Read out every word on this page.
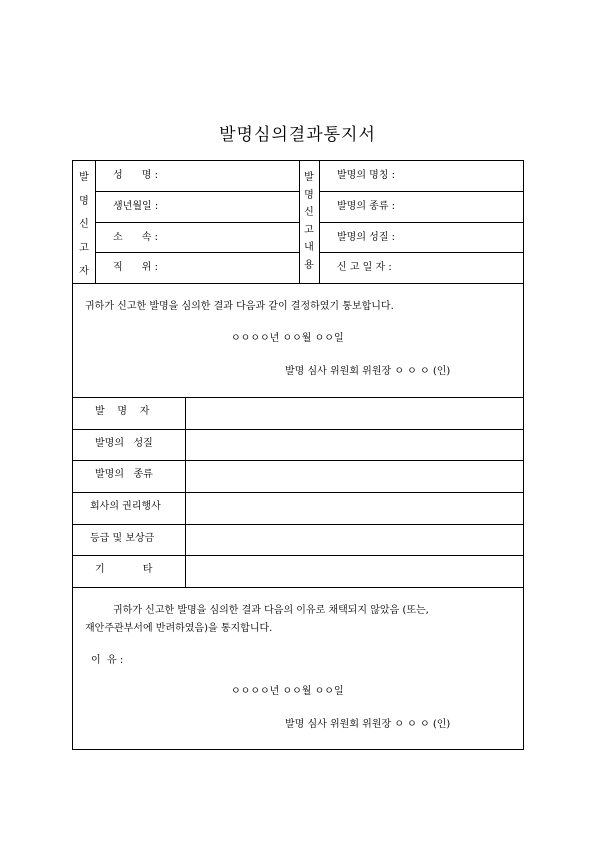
발명심의결과통지서
발
명
신
고
자
성      명 :
생년월일 :
소      속 :
직      위 :
발
명
신
고
내
용
발명의 명칭 :
발명의 종류 :
발명의 성질 :
신 고 일 자 :
귀하가 신고한 발명을 심의한 결과 다음과 같이 결정하였기 통보합니다.
ㅇㅇㅇㅇ년 ㅇㅇ월 ㅇㅇ일
발명 심사 위원회 위원장 ㅇ ㅇ ㅇ (인)
발    명    자
발명의   성질
발명의   종류
회사의 권리행사
등급 및 보상금
기            타
귀하가 신고한 발명을 심의한 결과 다음의 이유로 채택되지 않았음 (또는,
재안주관부서에 반려하였음)을 통지합니다.
이  유 :
ㅇㅇㅇㅇ년 ㅇㅇ월 ㅇㅇ일
발명 심사 위원회 위원장 ㅇ ㅇ ㅇ (인)
